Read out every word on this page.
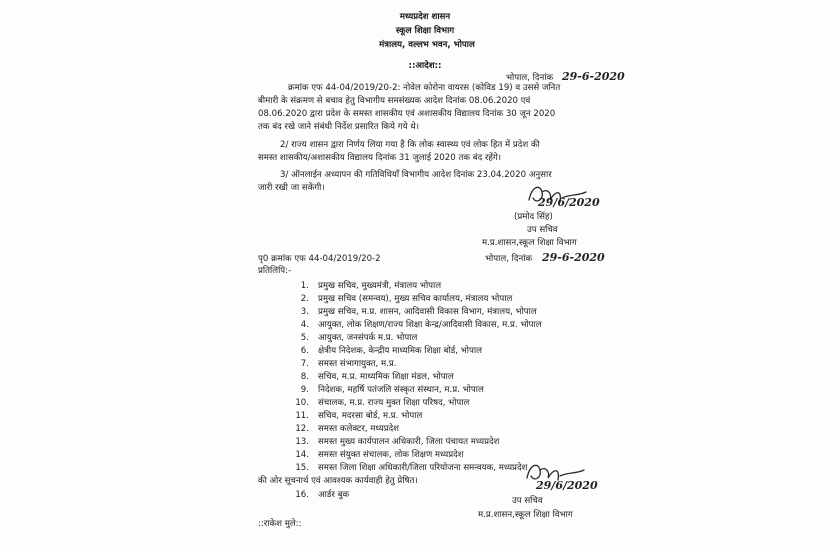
मध्यप्रदेश शासन
स्कूल शिक्षा विभाग
मंत्रालय, वल्लभ भवन, भोपाल
::आदेश::
भोपाल, दिनांक 29-6-2020
क्रमांक एफ 44-04/2019/20-2: नोवेल कोरोना वायरस (कोविड 19) व उससे जनित
बीमारी के संक्रमण से बचाव हेतु विभागीय समसंख्यक आदेश दिनांक 08.06.2020 एवं
08.06.2020 द्वारा प्रदेश के समस्त शासकीय एवं अशासकीय विद्यालय दिनांक 30 जून 2020
तक बंद रखे जाने संबंधी निर्देश प्रसारित किये गये थे।
2/ राज्य शासन द्वारा निर्णय लिया गया है कि लोक स्वास्थ्य एवं लोक हित में प्रदेश की
समस्त शासकीय/अशासकीय विद्यालय दिनांक 31 जुलाई 2020 तक बंद रहेंगे।
3/ ऑनलाईन अध्यापन की गतिविधियाँ विभागीय आदेश दिनांक 23.04.2020 अनुसार
जारी रखी जा सकेंगी।
29/6/2020
(प्रमोद सिंह)
उप सचिव
म.प्र.शासन,स्कूल शिक्षा विभाग
पृ0 क्रमांक एफ 44-04/2019/20-2	भोपाल, दिनांक 29-6-2020
प्रतिलिपि:-
1. प्रमुख सचिव, मुख्यमंत्री, मंत्रालय भोपाल
2. प्रमुख सचिव (समन्वय), मुख्य सचिव कार्यालय, मंत्रालय भोपाल
3. प्रमुख सचिव, म.प्र. शासन, आदिवासी विकास विभाग, मंत्रालय, भोपाल
4. आयुक्त, लोक शिक्षण/राज्य शिक्षा केन्द्र/आदिवासी विकास, म.प्र. भोपाल
5. आयुक्त, जनसंपर्क म.प्र. भोपाल
6. क्षेत्रीय निदेशक, केन्द्रीय माध्यमिक शिक्षा बोर्ड, भोपाल
7. समस्त संभागायुक्त, म.प्र.
8. सचिव, म.प्र. माध्यमिक शिक्षा मंडल, भोपाल
9. निदेशक, महर्षि पतंजलि संस्कृत संस्थान, म.प्र. भोपाल
10. संचालक, म.प्र. राज्य मुक्त शिक्षा परिषद, भोपाल
11. सचिव, मदरसा बोर्ड, म.प्र. भोपाल
12. समस्त कलेक्टर, मध्यप्रदेश
13. समस्त मुख्य कार्यपालन अधिकारी, जिला पंचायत मध्यप्रदेश
14. समस्त संयुक्त संचालक, लोक शिक्षण मध्यप्रदेश
15. समस्त जिला शिक्षा अधिकारी/जिला परियोजना समन्वयक, मध्यप्रदेश
की ओर सूचनार्थ एवं आवश्यक कार्यवाही हेतु प्रेषित।
16. आर्डर बुक
29/6/2020
उप सचिव
म.प्र.शासन,स्कूल शिक्षा विभाग
::राकेश मुले::
